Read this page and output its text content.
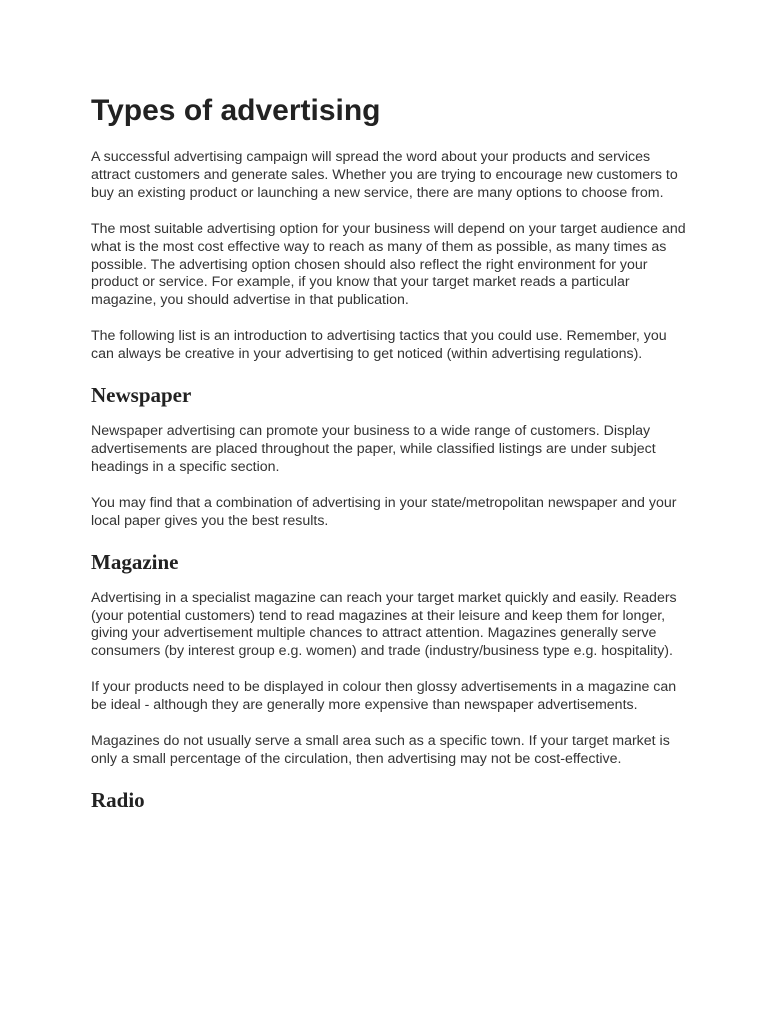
Types of advertising

A successful advertising campaign will spread the word about your products and services attract customers and generate sales. Whether you are trying to encourage new customers to buy an existing product or launching a new service, there are many options to choose from.

The most suitable advertising option for your business will depend on your target audience and what is the most cost effective way to reach as many of them as possible, as many times as possible. The advertising option chosen should also reflect the right environment for your product or service. For example, if you know that your target market reads a particular magazine, you should advertise in that publication.

The following list is an introduction to advertising tactics that you could use. Remember, you can always be creative in your advertising to get noticed (within advertising regulations).

Newspaper

Newspaper advertising can promote your business to a wide range of customers. Display advertisements are placed throughout the paper, while classified listings are under subject headings in a specific section.

You may find that a combination of advertising in your state/metropolitan newspaper and your local paper gives you the best results.

Magazine

Advertising in a specialist magazine can reach your target market quickly and easily. Readers (your potential customers) tend to read magazines at their leisure and keep them for longer, giving your advertisement multiple chances to attract attention. Magazines generally serve consumers (by interest group e.g. women) and trade (industry/business type e.g. hospitality).

If your products need to be displayed in colour then glossy advertisements in a magazine can be ideal - although they are generally more expensive than newspaper advertisements.

Magazines do not usually serve a small area such as a specific town. If your target market is only a small percentage of the circulation, then advertising may not be cost-effective.

Radio
